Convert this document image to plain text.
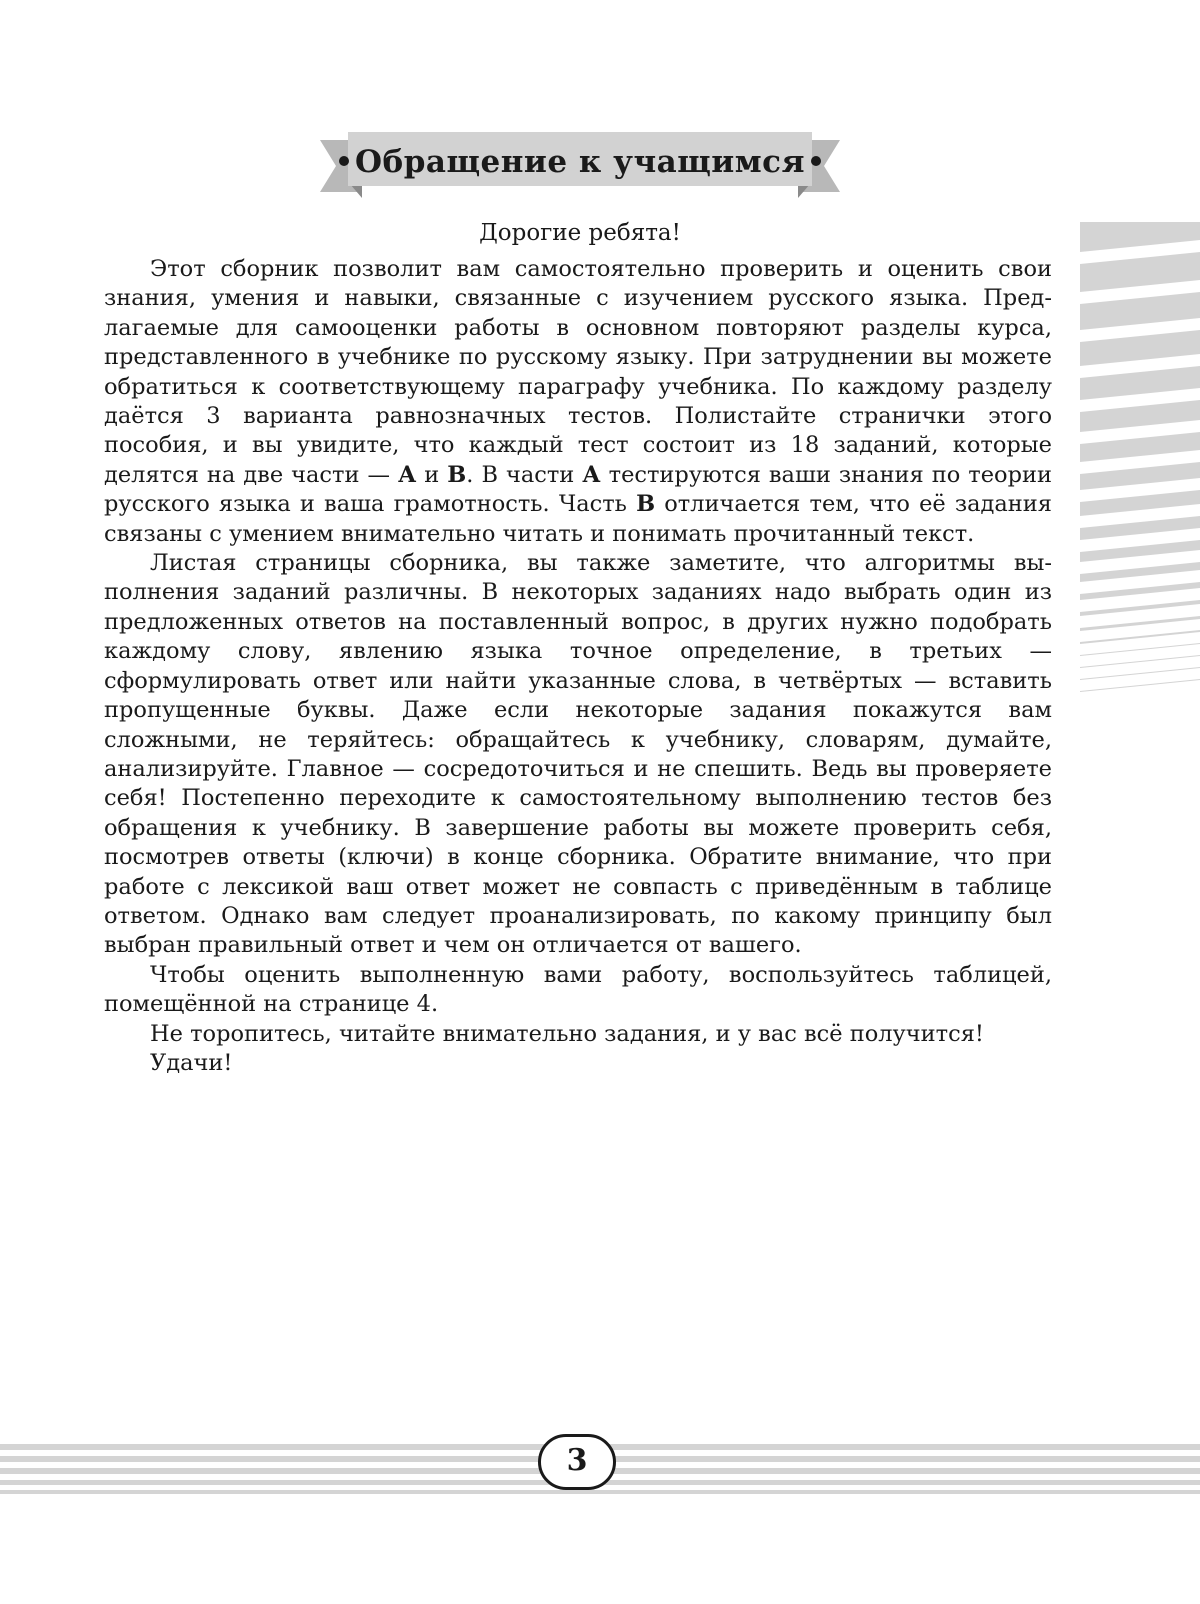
Обращение к учащимся
Дорогие ребята!

Этот сборник позволит вам самостоятельно проверить и оценить свои знания, умения и навыки, связанные с изучением русского языка. Предлагаемые для самооценки работы в основном повторяют разделы курса, представленного в учебнике по русскому языку. При затруднении вы можете обратиться к соответствующему параграфу учебника. По каждому разделу даётся 3 варианта равнозначных тестов. Полистайте странички этого пособия, и вы увидите, что каждый тест состоит из 18 заданий, которые делятся на две части — А и В. В части А тестируются ваши знания по теории русского языка и ваша грамотность. Часть В отличается тем, что её задания связаны с умением внимательно читать и понимать прочитанный текст.

Листая страницы сборника, вы также заметите, что алгоритмы выполнения заданий различны. В некоторых заданиях надо выбрать один из предложенных ответов на поставленный вопрос, в других нужно подобрать каждому слову, явлению языка точное определение, в третьих — сформулировать ответ или найти указанные слова, в четвёртых — вставить пропущенные буквы. Даже если некоторые задания покажутся вам сложными, не теряйтесь: обращайтесь к учебнику, словарям, думайте, анализируйте. Главное — сосредоточиться и не спешить. Ведь вы проверяете себя! Постепенно переходите к самостоятельному выполнению тестов без обращения к учебнику. В завершение работы вы можете проверить себя, посмотрев ответы (ключи) в конце сборника. Обратите внимание, что при работе с лексикой ваш ответ может не совпасть с приведённым в таблице ответом. Однако вам следует проанализировать, по какому принципу был выбран правильный ответ и чем он отличается от вашего.

Чтобы оценить выполненную вами работу, воспользуйтесь таблицей, помещённой на странице 4.

Не торопитесь, читайте внимательно задания, и у вас всё получится!

Удачи!

3
